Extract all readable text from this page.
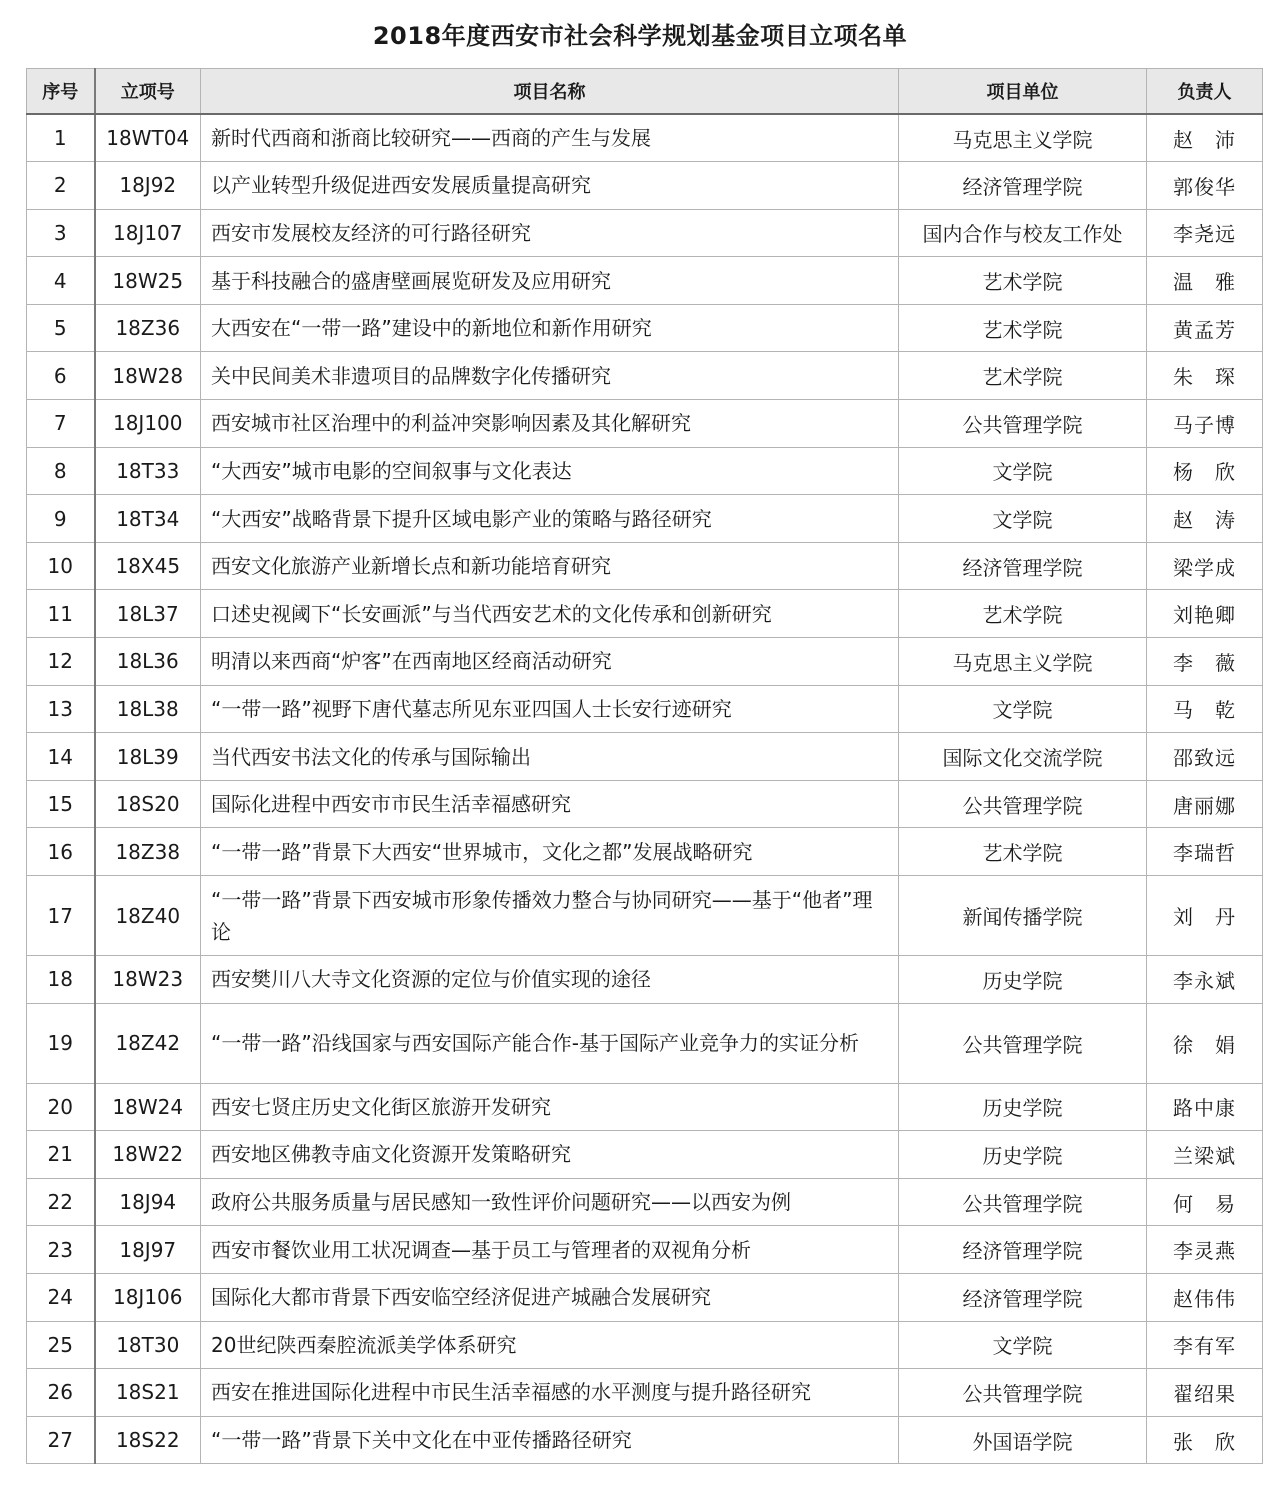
2018年度西安市社会科学规划基金项目立项名单
序号	立项号	项目名称	项目单位	负责人
1	18WT04	新时代西商和浙商比较研究——西商的产生与发展	马克思主义学院	赵　沛
2	18J92	以产业转型升级促进西安发展质量提高研究	经济管理学院	郭俊华
3	18J107	西安市发展校友经济的可行路径研究	国内合作与校友工作处	李尧远
4	18W25	基于科技融合的盛唐壁画展览研发及应用研究	艺术学院	温　雅
5	18Z36	大西安在“一带一路”建设中的新地位和新作用研究	艺术学院	黄孟芳
6	18W28	关中民间美术非遗项目的品牌数字化传播研究	艺术学院	朱　琛
7	18J100	西安城市社区治理中的利益冲突影响因素及其化解研究	公共管理学院	马子博
8	18T33	“大西安”城市电影的空间叙事与文化表达	文学院	杨　欣
9	18T34	“大西安”战略背景下提升区域电影产业的策略与路径研究	文学院	赵　涛
10	18X45	西安文化旅游产业新增长点和新功能培育研究	经济管理学院	梁学成
11	18L37	口述史视阈下“长安画派”与当代西安艺术的文化传承和创新研究	艺术学院	刘艳卿
12	18L36	明清以来西商“炉客”在西南地区经商活动研究	马克思主义学院	李　薇
13	18L38	“一带一路”视野下唐代墓志所见东亚四国人士长安行迹研究	文学院	马　乾
14	18L39	当代西安书法文化的传承与国际输出	国际文化交流学院	邵致远
15	18S20	国际化进程中西安市市民生活幸福感研究	公共管理学院	唐丽娜
16	18Z38	“一带一路”背景下大西安“世界城市，文化之都”发展战略研究	艺术学院	李瑞哲
17	18Z40	“一带一路”背景下西安城市形象传播效力整合与协同研究——基于“他者”理论	新闻传播学院	刘　丹
18	18W23	西安樊川八大寺文化资源的定位与价值实现的途径	历史学院	李永斌
19	18Z42	“一带一路”沿线国家与西安国际产能合作-基于国际产业竞争力的实证分析	公共管理学院	徐　娟
20	18W24	西安七贤庄历史文化街区旅游开发研究	历史学院	路中康
21	18W22	西安地区佛教寺庙文化资源开发策略研究	历史学院	兰梁斌
22	18J94	政府公共服务质量与居民感知一致性评价问题研究——以西安为例	公共管理学院	何　易
23	18J97	西安市餐饮业用工状况调查—基于员工与管理者的双视角分析	经济管理学院	李灵燕
24	18J106	国际化大都市背景下西安临空经济促进产城融合发展研究	经济管理学院	赵伟伟
25	18T30	20世纪陕西秦腔流派美学体系研究	文学院	李有军
26	18S21	西安在推进国际化进程中市民生活幸福感的水平测度与提升路径研究	公共管理学院	翟绍果
27	18S22	“一带一路”背景下关中文化在中亚传播路径研究	外国语学院	张　欣
